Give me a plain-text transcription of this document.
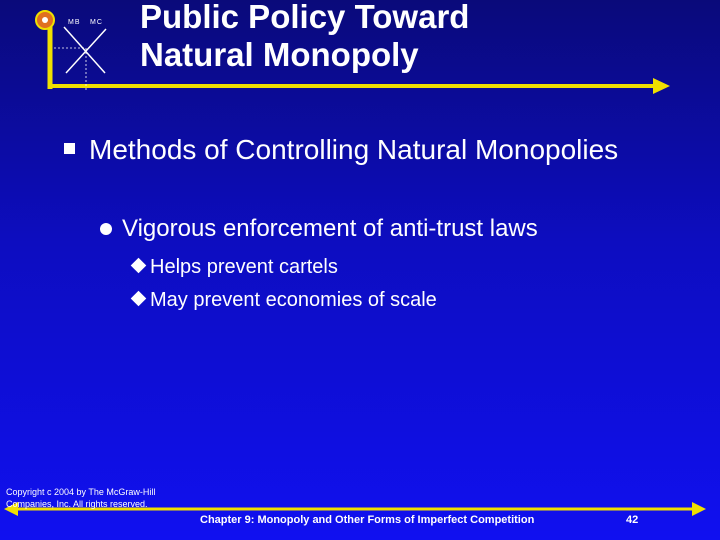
MB MC Public Policy Toward
Natural Monopoly
Methods of Controlling Natural Monopolies
Vigorous enforcement of anti-trust laws
Helps prevent cartels
May prevent economies of scale
Copyright c 2004 by The McGraw-Hill
Companies, Inc. All rights reserved.
Chapter 9: Monopoly and Other Forms of Imperfect Competition	42
